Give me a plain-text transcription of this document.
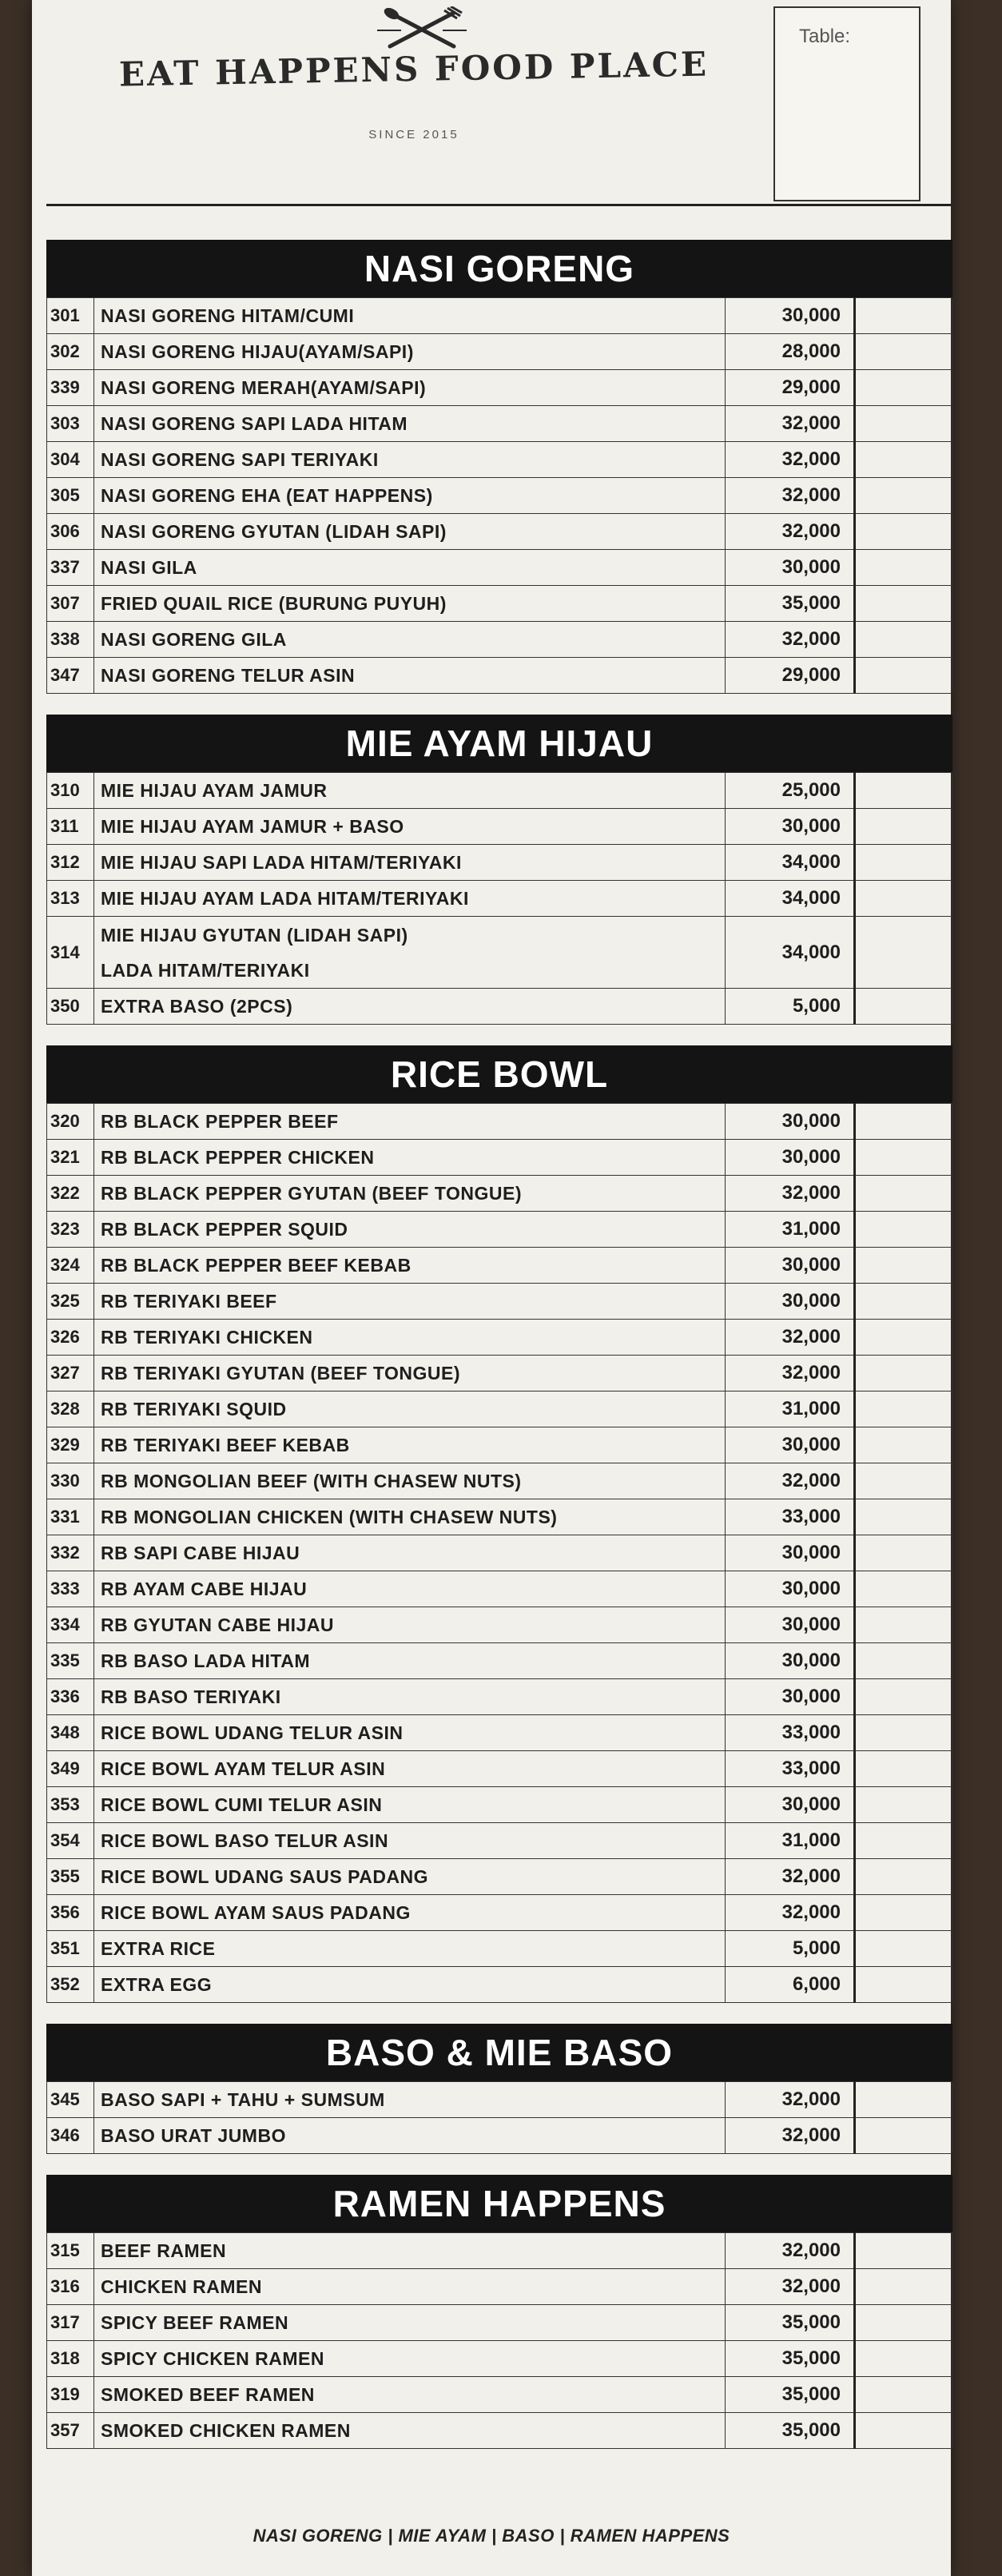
EAT HAPPENS FOOD PLACE
SINCE 2015
Table:
NASI GORENG
301	NASI GORENG HITAM/CUMI	30,000	
302	NASI GORENG HIJAU(AYAM/SAPI)	28,000	
339	NASI GORENG MERAH(AYAM/SAPI)	29,000	
303	NASI GORENG SAPI LADA HITAM	32,000	
304	NASI GORENG SAPI TERIYAKI	32,000	
305	NASI GORENG EHA (EAT HAPPENS)	32,000	
306	NASI GORENG GYUTAN (LIDAH SAPI)	32,000	
337	NASI GILA	30,000	
307	FRIED QUAIL RICE (BURUNG PUYUH)	35,000	
338	NASI GORENG GILA	32,000	
347	NASI GORENG TELUR ASIN	29,000	
MIE AYAM HIJAU
310	MIE HIJAU AYAM JAMUR	25,000	
311	MIE HIJAU AYAM JAMUR + BASO	30,000	
312	MIE HIJAU SAPI LADA HITAM/TERIYAKI	34,000	
313	MIE HIJAU AYAM LADA HITAM/TERIYAKI	34,000	
314	MIE HIJAU GYUTAN (LIDAH SAPI)
LADA HITAM/TERIYAKI	34,000	
350	EXTRA BASO (2PCS)	5,000	
RICE BOWL
320	RB BLACK PEPPER BEEF	30,000	
321	RB BLACK PEPPER CHICKEN	30,000	
322	RB BLACK PEPPER GYUTAN (BEEF TONGUE)	32,000	
323	RB BLACK PEPPER SQUID	31,000	
324	RB BLACK PEPPER BEEF KEBAB	30,000	
325	RB TERIYAKI BEEF	30,000	
326	RB TERIYAKI CHICKEN	32,000	
327	RB TERIYAKI GYUTAN (BEEF TONGUE)	32,000	
328	RB TERIYAKI SQUID	31,000	
329	RB TERIYAKI BEEF KEBAB	30,000	
330	RB MONGOLIAN BEEF (WITH CHASEW NUTS)	32,000	
331	RB MONGOLIAN CHICKEN (WITH CHASEW NUTS)	33,000	
332	RB SAPI CABE HIJAU	30,000	
333	RB AYAM CABE HIJAU	30,000	
334	RB GYUTAN CABE HIJAU	30,000	
335	RB BASO LADA HITAM	30,000	
336	RB BASO TERIYAKI	30,000	
348	RICE BOWL UDANG TELUR ASIN	33,000	
349	RICE BOWL AYAM TELUR ASIN	33,000	
353	RICE BOWL CUMI TELUR ASIN	30,000	
354	RICE BOWL BASO TELUR ASIN	31,000	
355	RICE BOWL UDANG SAUS PADANG	32,000	
356	RICE BOWL AYAM SAUS PADANG	32,000	
351	EXTRA RICE	5,000	
352	EXTRA EGG	6,000	
BASO & MIE BASO
345	BASO SAPI + TAHU + SUMSUM	32,000	
346	BASO URAT JUMBO	32,000	
RAMEN HAPPENS
315	BEEF RAMEN	32,000	
316	CHICKEN RAMEN	32,000	
317	SPICY BEEF RAMEN	35,000	
318	SPICY CHICKEN RAMEN	35,000	
319	SMOKED BEEF RAMEN	35,000	
357	SMOKED CHICKEN RAMEN	35,000	
NASI GORENG | MIE AYAM | BASO | RAMEN HAPPENS
